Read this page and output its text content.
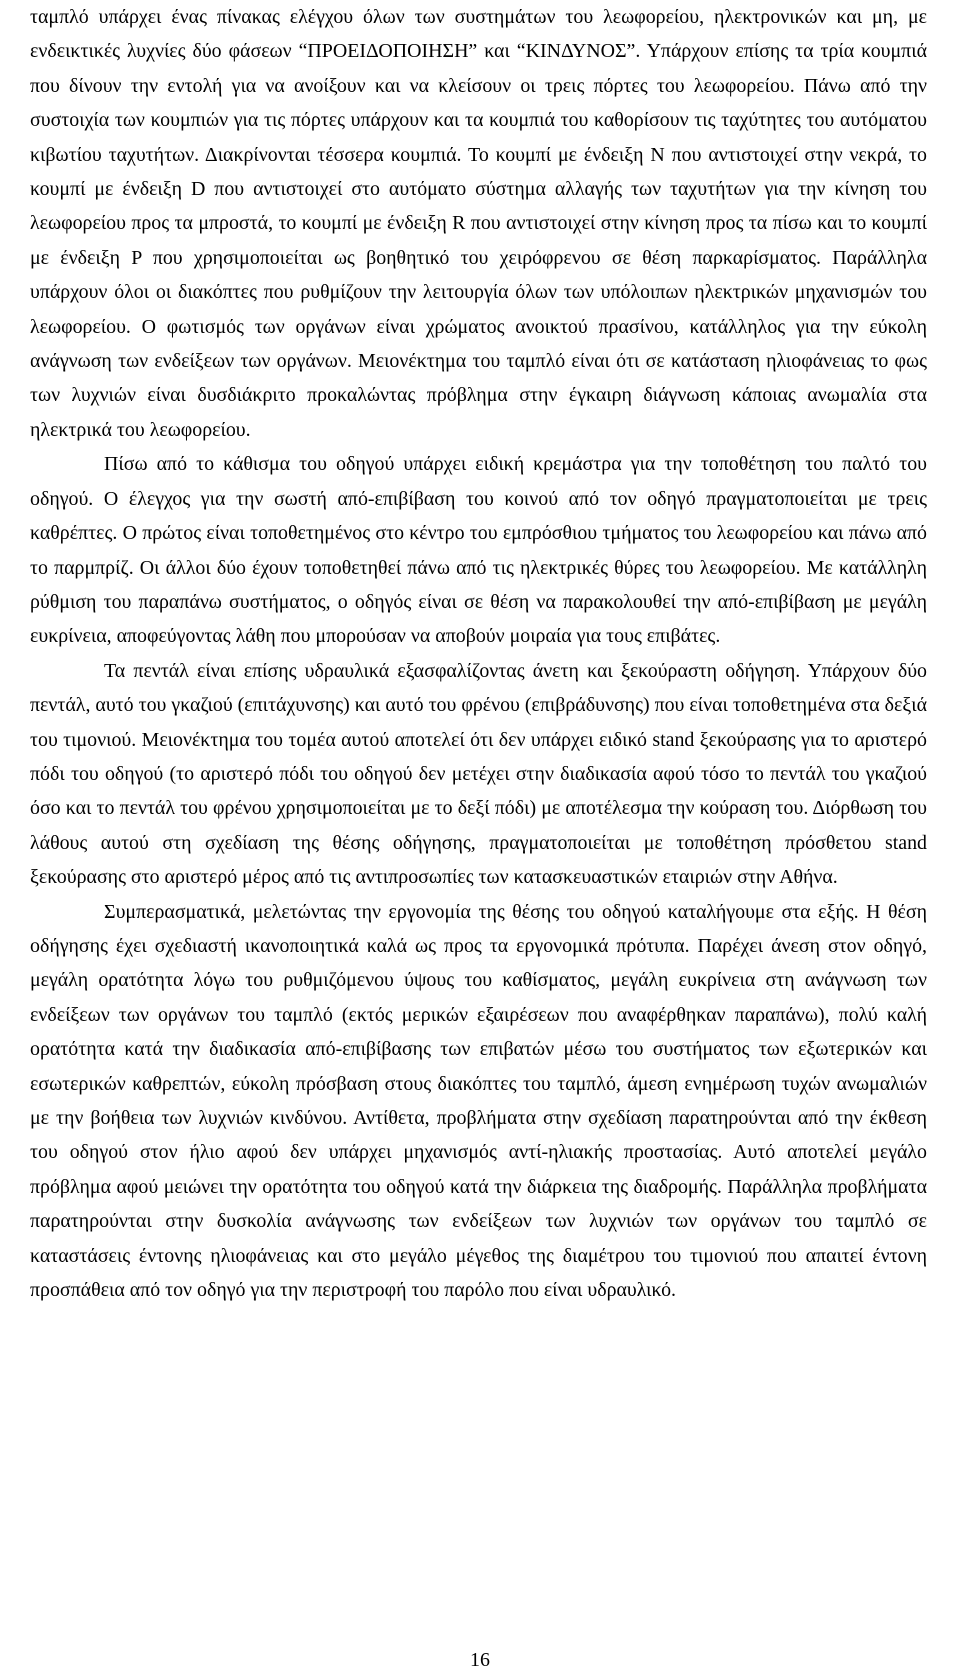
ταμπλό υπάρχει ένας πίνακας ελέγχου όλων των συστημάτων του λεωφορείου, ηλεκτρονικών και μη, με ενδεικτικές λυχνίες δύο φάσεων “ΠΡΟΕΙΔΟΠΟΙΗΣΗ” και “ΚΙΝΔΥΝΟΣ”. Υπάρχουν επίσης τα τρία κουμπιά που δίνουν την εντολή για να ανοίξουν και να κλείσουν οι τρεις πόρτες του λεωφορείου. Πάνω από την συστοιχία των κουμπιών για τις πόρτες υπάρχουν και τα κουμπιά του καθορίσουν τις ταχύτητες του αυτόματου κιβωτίου ταχυτήτων. Διακρίνονται τέσσερα κουμπιά. Το κουμπί με ένδειξη Ν που αντιστοιχεί στην νεκρά, το κουμπί με ένδειξη D που αντιστοιχεί στο αυτόματο σύστημα αλλαγής των ταχυτήτων για την κίνηση του λεωφορείου προς τα μπροστά, το κουμπί με ένδειξη R που αντιστοιχεί στην κίνηση προς τα πίσω και το κουμπί με ένδειξη P που χρησιμοποιείται ως βοηθητικό του χειρόφρενου σε θέση παρκαρίσματος. Παράλληλα υπάρχουν όλοι οι διακόπτες που ρυθμίζουν την λειτουργία όλων των υπόλοιπων ηλεκτρικών μηχανισμών του λεωφορείου. Ο φωτισμός των οργάνων είναι χρώματος ανοικτού πρασίνου, κατάλληλος για την εύκολη ανάγνωση των ενδείξεων των οργάνων. Μειονέκτημα του ταμπλό είναι ότι σε κατάσταση ηλιοφάνειας το φως των λυχνιών είναι δυσδιάκριτο προκαλώντας πρόβλημα στην έγκαιρη διάγνωση κάποιας ανωμαλία στα ηλεκτρικά του λεωφορείου.

Πίσω από το κάθισμα του οδηγού υπάρχει ειδική κρεμάστρα για την τοποθέτηση του παλτό του οδηγού. Ο έλεγχος για την σωστή από-επιβίβαση του κοινού από τον οδηγό πραγματοποιείται με τρεις καθρέπτες. Ο πρώτος είναι τοποθετημένος στο κέντρο του εμπρόσθιου τμήματος του λεωφορείου και πάνω από το παρμπρίζ. Οι άλλοι δύο έχουν τοποθετηθεί πάνω από τις ηλεκτρικές θύρες του λεωφορείου. Με κατάλληλη ρύθμιση του παραπάνω συστήματος, ο οδηγός είναι σε θέση να παρακολουθεί την από-επιβίβαση με μεγάλη ευκρίνεια, αποφεύγοντας λάθη που μπορούσαν να αποβούν μοιραία για τους επιβάτες.

Τα πεντάλ είναι επίσης υδραυλικά εξασφαλίζοντας άνετη και ξεκούραστη οδήγηση. Υπάρχουν δύο πεντάλ, αυτό του γκαζιού (επιτάχυνσης) και αυτό του φρένου (επιβράδυνσης) που είναι τοποθετημένα στα δεξιά του τιμονιού. Μειονέκτημα του τομέα αυτού αποτελεί ότι δεν υπάρχει ειδικό stand ξεκούρασης για το αριστερό πόδι του οδηγού (το αριστερό πόδι του οδηγού δεν μετέχει στην διαδικασία αφού τόσο το πεντάλ του γκαζιού όσο και το πεντάλ του φρένου χρησιμοποιείται με το δεξί πόδι) με αποτέλεσμα την κούραση του. Διόρθωση του λάθους αυτού στη σχεδίαση της θέσης οδήγησης, πραγματοποιείται με τοποθέτηση πρόσθετου stand ξεκούρασης στο αριστερό μέρος από τις αντιπροσωπίες των κατασκευαστικών εταιριών στην Αθήνα.

Συμπερασματικά, μελετώντας την εργονομία της θέσης του οδηγού καταλήγουμε στα εξής. Η θέση οδήγησης έχει σχεδιαστή ικανοποιητικά καλά ως προς τα εργονομικά πρότυπα. Παρέχει άνεση στον οδηγό, μεγάλη ορατότητα λόγω του ρυθμιζόμενου ύψους του καθίσματος, μεγάλη ευκρίνεια στη ανάγνωση των ενδείξεων των οργάνων του ταμπλό (εκτός μερικών εξαιρέσεων που αναφέρθηκαν παραπάνω), πολύ καλή ορατότητα κατά την διαδικασία από-επιβίβασης των επιβατών μέσω του συστήματος των εξωτερικών και εσωτερικών καθρεπτών, εύκολη πρόσβαση στους διακόπτες του ταμπλό, άμεση ενημέρωση τυχών ανωμαλιών με την βοήθεια των λυχνιών κινδύνου. Αντίθετα, προβλήματα στην σχεδίαση παρατηρούνται από την έκθεση του οδηγού στον ήλιο αφού δεν υπάρχει μηχανισμός αντί-ηλιακής προστασίας. Αυτό αποτελεί μεγάλο πρόβλημα αφού μειώνει την ορατότητα του οδηγού κατά την διάρκεια της διαδρομής. Παράλληλα προβλήματα παρατηρούνται στην δυσκολία ανάγνωσης των ενδείξεων των λυχνιών των οργάνων του ταμπλό σε καταστάσεις έντονης ηλιοφάνειας και στο μεγάλο μέγεθος της διαμέτρου του τιμονιού που απαιτεί έντονη προσπάθεια από τον οδηγό για την περιστροφή του παρόλο που είναι υδραυλικό.

16
